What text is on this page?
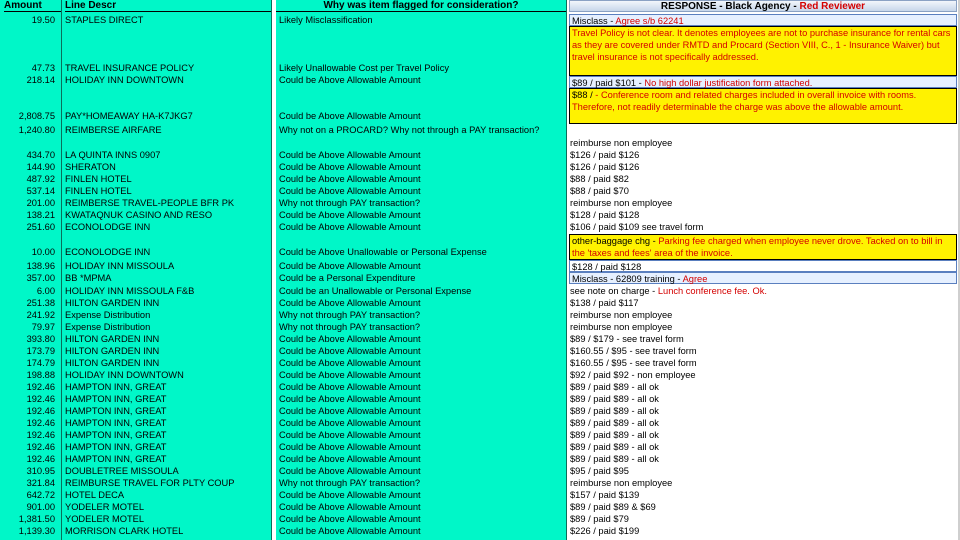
Amount
19.50
47.73
218.14
2,808.75
1,240.80
434.70
144.90
487.92
537.14
201.00
138.21
251.60
10.00
138.96
357.00
6.00
251.38
241.92
79.97
393.80
173.79
174.79
198.88
192.46
192.46
192.46
192.46
192.46
192.46
192.46
310.95
321.84
642.72
901.00
1,381.50
1,139.30
Line Descr
STAPLES DIRECT
TRAVEL INSURANCE POLICY
HOLIDAY INN DOWNTOWN
PAY*HOMEAWAY HA-K7JKG7
REIMBERSE AIRFARE
LA QUINTA INNS 0907
SHERATON
FINLEN HOTEL
FINLEN HOTEL
REIMBERSE TRAVEL-PEOPLE BFR PK
KWATAQNUK CASINO AND RESO
ECONOLODGE INN
ECONOLODGE INN
HOLIDAY INN MISSOULA
BB *MPMA
HOLIDAY INN MISSOULA F&B
HILTON GARDEN INN
Expense Distribution
Expense Distribution
HILTON GARDEN INN
HILTON GARDEN INN
HILTON GARDEN INN
HOLIDAY INN DOWNTOWN
HAMPTON INN, GREAT
HAMPTON INN, GREAT
HAMPTON INN, GREAT
HAMPTON INN, GREAT
HAMPTON INN, GREAT
HAMPTON INN, GREAT
HAMPTON INN, GREAT
DOUBLETREE MISSOULA
REIMBURSE TRAVEL FOR PLTY COUP
HOTEL DECA
YODELER MOTEL
YODELER MOTEL
MORRISON CLARK HOTEL
Why was item flagged for consideration?
Likely Misclassification
Likely Unallowable Cost per Travel Policy
Could be Above Allowable Amount
Could be Above Allowable Amount
Why not on a PROCARD? Why not through a PAY transaction?
Could be Above Allowable Amount
Could be Above Allowable Amount
Could be Above Allowable Amount
Could be Above Allowable Amount
Why not through PAY transaction?
Could be Above Allowable Amount
Could be Above Allowable Amount
Could be Above Unallowable or Personal Expense
Could be Above Allowable Amount
Could be a Personal Expenditure
Could be an Unallowable or Personal Expense
Could be Above Allowable Amount
Why not through PAY transaction?
Why not through PAY transaction?
Could be Above Allowable Amount
Could be Above Allowable Amount
Could be Above Allowable Amount
Could be Above Allowable Amount
Could be Above Allowable Amount
Could be Above Allowable Amount
Could be Above Allowable Amount
Could be Above Allowable Amount
Could be Above Allowable Amount
Could be Above Allowable Amount
Could be Above Allowable Amount
Could be Above Allowable Amount
Why not through PAY transaction?
Could be Above Allowable Amount
Could be Above Allowable Amount
Could be Above Allowable Amount
Could be Above Allowable Amount
RESPONSE - Black Agency - Red Reviewer
Misclass - Agree s/b 62241
Travel Policy is not clear. It denotes employees are not to purchase insurance for rental cars as they are covered under RMTD and Procard (Section VIII, C., 1 - Insurance Waiver) but travel insurance is not specifically addressed.
$89 / paid $101 - No high dollar justification form attached.
$88 / - Conference room and related charges included in overall invoice with rooms. Therefore, not readily determinable the charge was above the allowable amount.
reimburse non employee
$126 / paid $126
$126 / paid $126
$88 / paid $82
$88 / paid $70
reimburse non employee
$128 / paid $128
$106 / paid $109 see travel form
other-baggage chg - Parking fee charged when employee never drove. Tacked on to bill in the 'taxes and fees' area of the invoice.
$128 / paid $128
Misclass - 62809 training - Agree
see note on charge - Lunch conference fee. Ok.
$138 / paid $117
reimburse non employee
reimburse non employee
$89 / $179 - see travel form
$160.55 / $95 - see travel form
$160.55 / $95 - see travel form
$92 / paid $92 - non employee
$89 / paid $89 - all ok
$89 / paid $89 - all ok
$89 / paid $89 - all ok
$89 / paid $89 - all ok
$89 / paid $89 - all ok
$89 / paid $89 - all ok
$89 / paid $89 - all ok
$95 / paid $95
reimburse non employee
$157 / paid $139
$89 / paid $89 & $69
$89 / paid $79
$226 / paid $199
